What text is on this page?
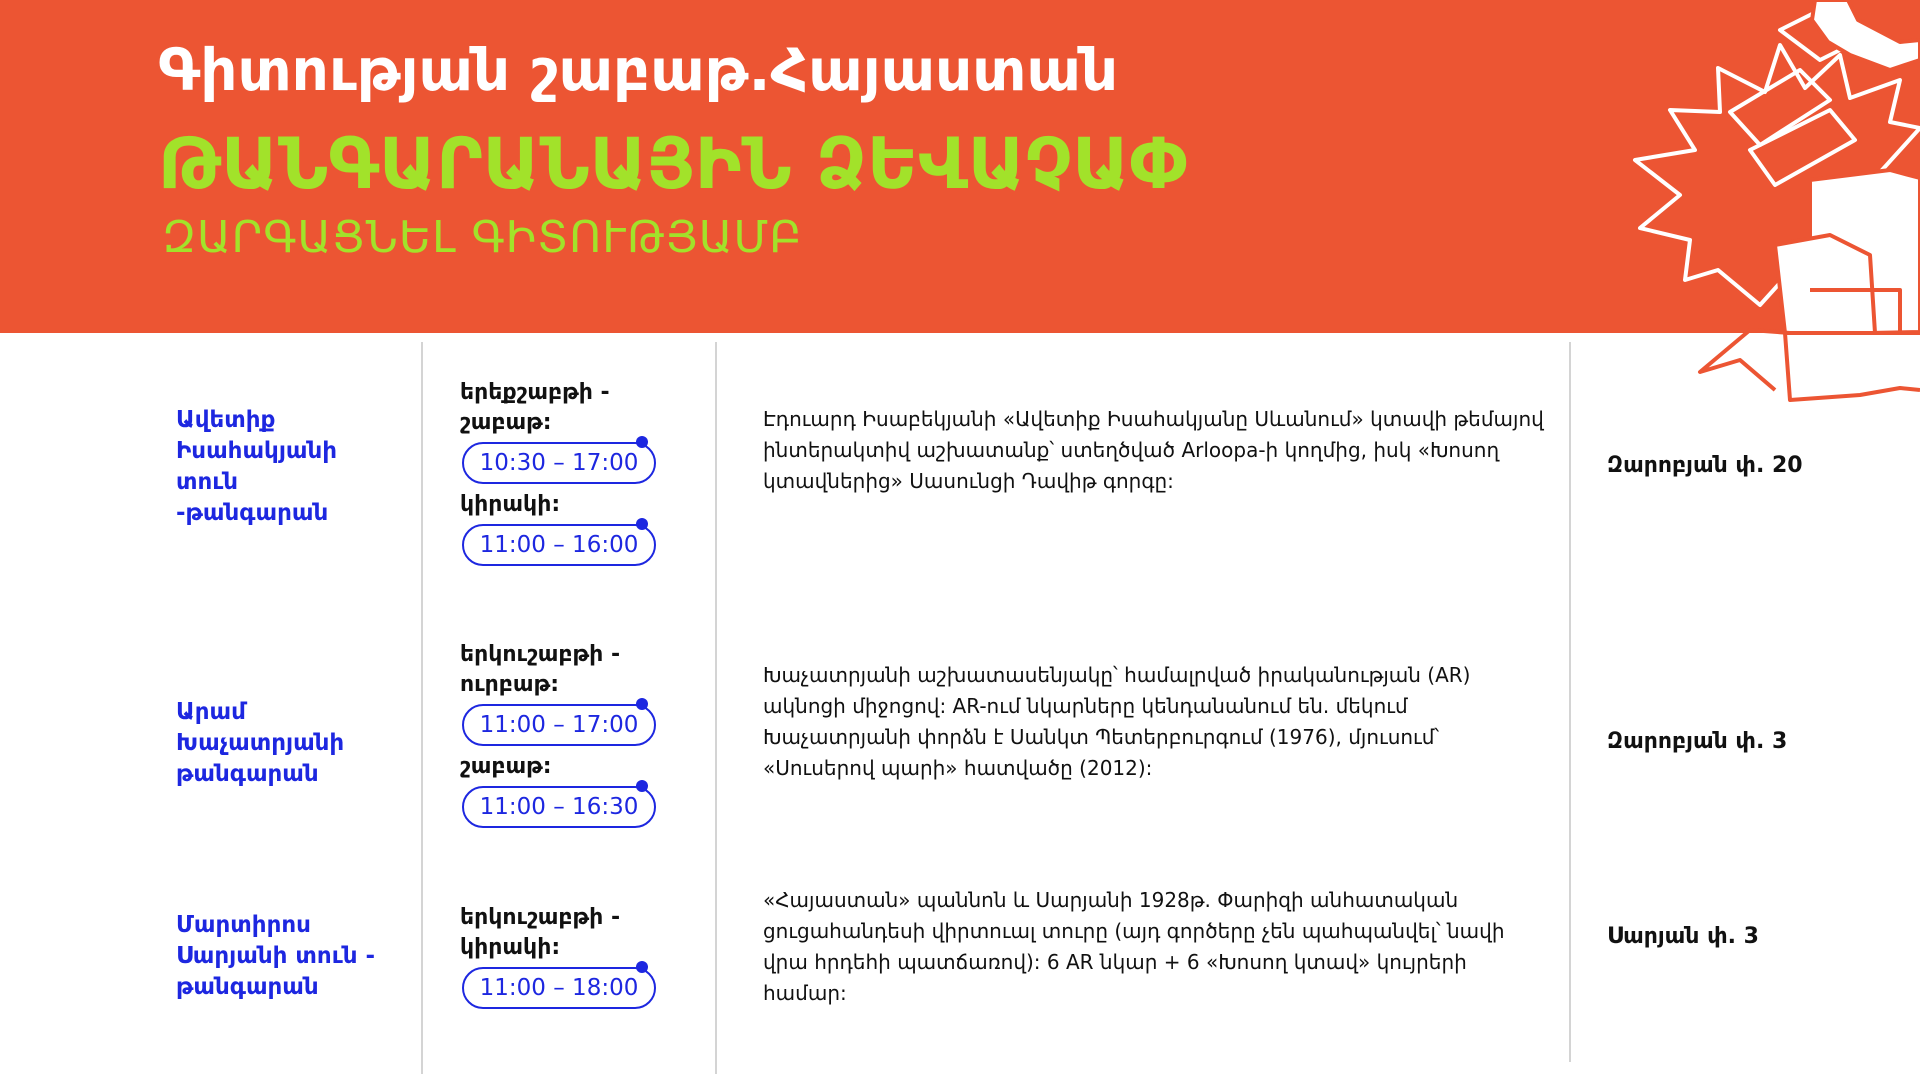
Գիտության շաբաթ.Հայաստան
ԹԱՆԳԱՐԱՆԱՅԻՆ ՁԵՎԱՉԱՓ

ԶԱՐԳԱՑՆԵԼ ԳԻՏՈՒԹՅԱՄԲ

Ավետիք Իսահակյանի տուն -թանգարան

երեքշաբթի - շաբաթ:

10:30 – 17:00

կիրակի:

11:00 – 16:00

Էդուարդ Իսաբեկյանի «Ավետիք Իսահակյանը Սևանում» կտավի թեմայով ինտերակտիվ աշխատանք՝ ստեղծված Arloopa-ի կողմից, իսկ «Խոսող կտավներից» Սասունցի Դավիթ գորգը:

Զարոբյան փ. 20

Արամ Խաչատրյանի թանգարան

երկուշաբթի - ուրբաթ:

11:00 – 17:00

շաբաթ:

11:00 – 16:30

Խաչատրյանի աշխատասենյակը՝ համալրված իրականության (AR) ակնոցի միջոցով: AR-ում նկարները կենդանանում են. մեկում Խաչատրյանի փորձն է Սանկտ Պետերբուրգում (1976), մյուսում՝ «Սուսերով պարի» հատվածը (2012):

Զարոբյան փ. 3

Մարտիրոս Սարյանի տուն - թանգարան

երկուշաբթի - կիրակի:

11:00 – 18:00

«Հայաստան» պաննոն և Սարյանի 1928թ. Փարիզի անհատական ցուցահանդեսի վիրտուալ տուրը (այդ գործերը չեն պահպանվել՝ նավի վրա հրդեհի պատճառով): 6 AR նկար + 6 «Խոսող կտավ» կույրերի համար:

Սարյան փ. 3
